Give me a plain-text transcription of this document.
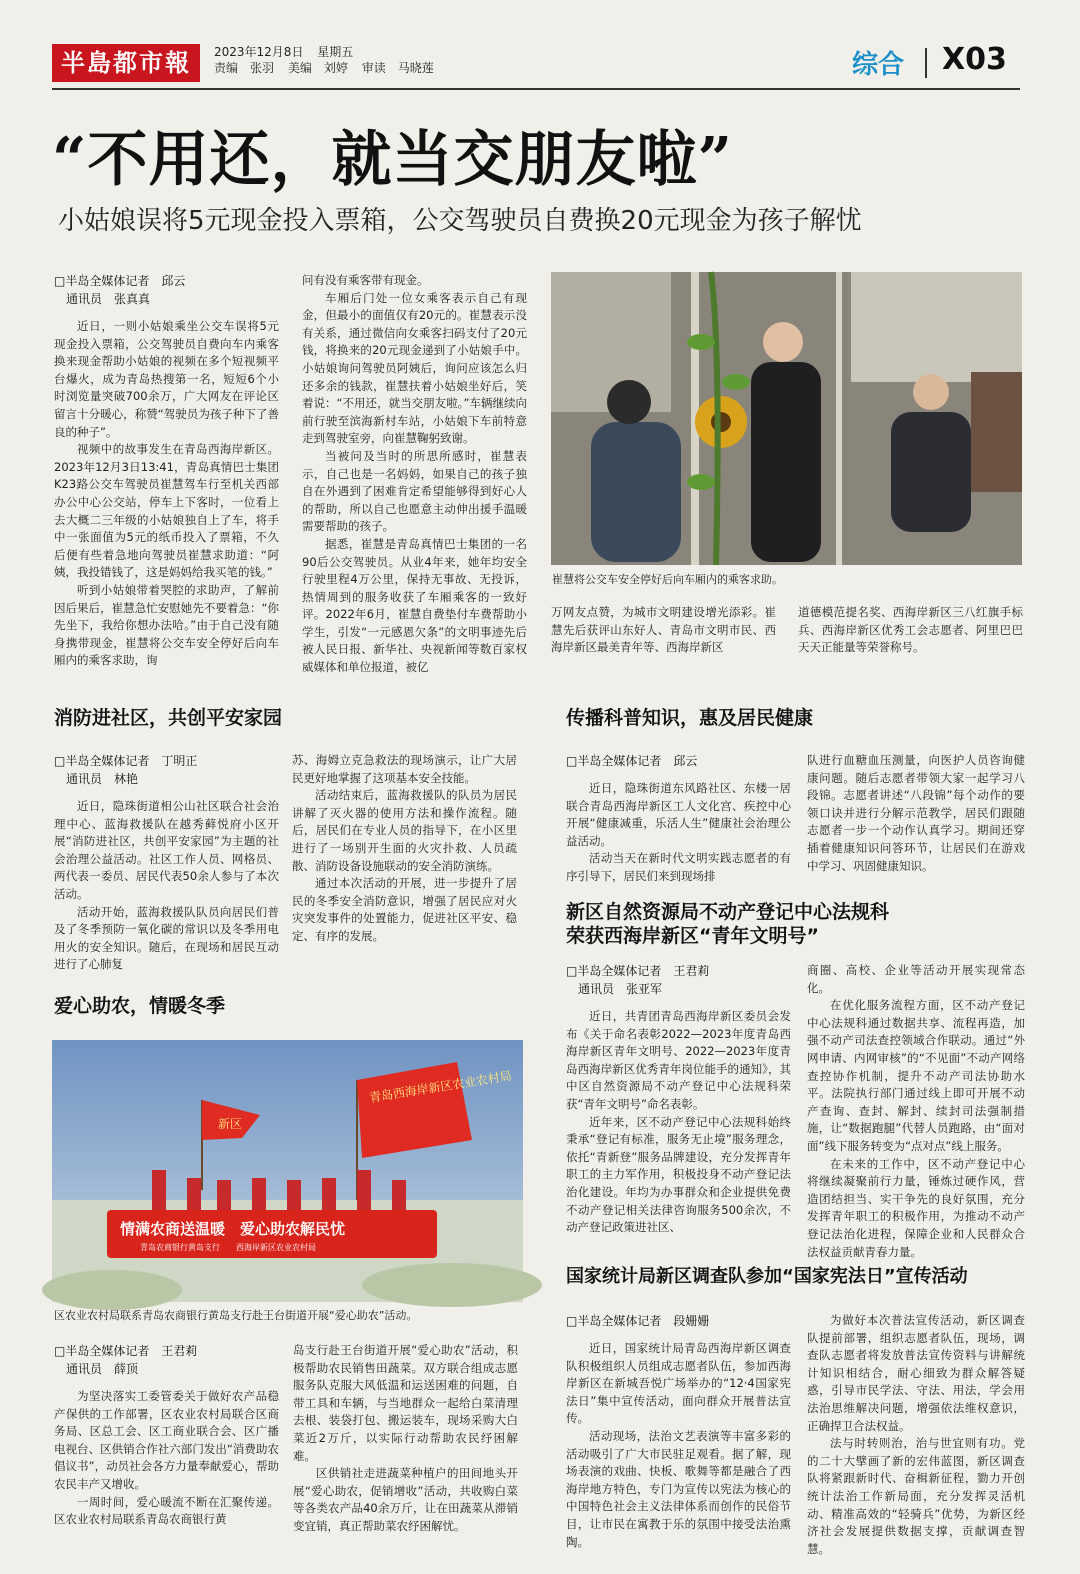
半島都市報	2023年12月8日 星期五
责编　张羽 美编　刘婷 审读　马晓莲	综合 X03
“不用还，就当交朋友啦”
小姑娘误将5元现金投入票箱，公交驾驶员自费换20元现金为孩子解忧
□半岛全媒体记者　邱云
通讯员　张真真

近日，一则小姑娘乘坐公交车误将5元现金投入票箱，公交驾驶员自费向车内乘客换来现金帮助小姑娘的视频在多个短视频平台爆火，成为青岛热搜第一名，短短6个小时浏览量突破700余万，广大网友在评论区留言十分暖心，称赞“驾驶员为孩子种下了善良的种子”。

视频中的故事发生在青岛西海岸新区。2023年12月3日13:41，青岛真情巴士集团K23路公交车驾驶员崔慧驾车行至机关西部办公中心公交站，停车上下客时，一位看上去大概二三年级的小姑娘独自上了车，将手中一张面值为5元的纸币投入了票箱，不久后便有些着急地向驾驶员崔慧求助道：“阿姨，我投错钱了，这是妈妈给我买笔的钱。”

听到小姑娘带着哭腔的求助声，了解前因后果后，崔慧急忙安慰她先不要着急：“你先坐下，我给你想办法哈。”由于自己没有随身携带现金，崔慧将公交车安全停好后向车厢内的乘客求助，询

问有没有乘客带有现金。

车厢后门处一位女乘客表示自己有现金，但最小的面值仅有20元的。崔慧表示没有关系，通过微信向女乘客扫码支付了20元钱，将换来的20元现金递到了小姑娘手中。小姑娘询问驾驶员阿姨后，询问应该怎么归还多余的钱款，崔慧扶着小姑娘坐好后，笑着说：“不用还，就当交朋友啦。”车辆继续向前行驶至滨海新村车站，小姑娘下车前特意走到驾驶室旁，向崔慧鞠躬致谢。

当被问及当时的所思所感时，崔慧表示，自己也是一名妈妈，如果自己的孩子独自在外遇到了困难肯定希望能够得到好心人的帮助，所以自己也愿意主动伸出援手温暖需要帮助的孩子。

据悉，崔慧是青岛真情巴士集团的一名90后公交驾驶员。从业4年来，她年均安全行驶里程4万公里，保持无事故、无投诉，热情周到的服务收获了车厢乘客的一致好评。2022年6月，崔慧自费垫付车费帮助小学生，引发“一元感恩欠条”的文明事迹先后被人民日报、新华社、央视新闻等数百家权威媒体和单位报道，被亿

崔慧将公交车安全停好后向车厢内的乘客求助。

万网友点赞，为城市文明建设增光添彩。崔慧先后获评山东好人、青岛市文明市民、西海岸新区最美青年等、西海岸新区

道德模范提名奖、西海岸新区三八红旗手标兵、西海岸新区优秀工会志愿者、阿里巴巴天天正能量等荣誉称号。

消防进社区，共创平安家园
□半岛全媒体记者　丁明正
通讯员　林艳

近日，隐珠街道相公山社区联合社会治理中心、蓝海救援队在越秀藓悦府小区开展“消防进社区，共创平安家园”为主题的社会治理公益活动。社区工作人员、网格员、两代表一委员、居民代表50余人参与了本次活动。

活动开始，蓝海救援队队员向居民们普及了冬季预防一氧化碳的常识以及冬季用电用火的安全知识。随后，在现场和居民互动进行了心肺复

苏、海姆立克急救法的现场演示，让广大居民更好地掌握了这项基本安全技能。

活动结束后，蓝海救援队的队员为居民讲解了灭火器的使用方法和操作流程。随后，居民们在专业人员的指导下，在小区里进行了一场别开生面的火灾扑救、人员疏散、消防设备设施联动的安全消防演练。

通过本次活动的开展，进一步提升了居民的冬季安全消防意识，增强了居民应对火灾突发事件的处置能力，促进社区平安、稳定、有序的发展。

爱心助农，情暖冬季
新区
青岛西海岸新区农业农村局
情满农商送温暖　爱心助农解民忧
青岛农商银行黄岛支行　　西海岸新区农业农村局
区农业农村局联系青岛农商银行黄岛支行赴王台街道开展“爱心助农”活动。
□半岛全媒体记者　王君莉
通讯员　薛顶

为坚决落实工委管委关于做好农产品稳产保供的工作部署，区农业农村局联合区商务局、区总工会、区工商业联合会、区广播电视台、区供销合作社六部门发出“消费助农倡议书”，动员社会各方力量奉献爱心，帮助农民丰产又增收。

一周时间，爱心暖流不断在汇聚传递。区农业农村局联系青岛农商银行黄

岛支行赴王台街道开展“爱心助农”活动，积极帮助农民销售田蔬菜。双方联合组成志愿服务队克服大风低温和运送困难的问题，自带工具和车辆，与当地群众一起给白菜清理去根、装袋打包、搬运装车，现场采购大白菜近2万斤，以实际行动帮助农民纾困解难。

区供销社走进蔬菜种植户的田间地头开展“爱心助农，促销增收”活动，共收购白菜等各类农产品40余万斤，让在田蔬菜从滞销变宜销，真正帮助菜农纾困解忧。

传播科普知识，惠及居民健康
□半岛全媒体记者　邱云

近日，隐珠街道东风路社区、东楼一居联合青岛西海岸新区工人文化宫、疾控中心开展“健康减重，乐活人生”健康社会治理公益活动。

活动当天在新时代文明实践志愿者的有序引导下，居民们来到现场排

队进行血糖血压测量，向医护人员咨询健康问题。随后志愿者带领大家一起学习八段锦。志愿者讲述“八段锦”每个动作的要领口诀并进行分解示范教学，居民们跟随志愿者一步一个动作认真学习。期间还穿插着健康知识问答环节，让居民们在游戏中学习、巩固健康知识。

新区自然资源局不动产登记中心法规科
荣获西海岸新区“青年文明号”
□半岛全媒体记者　王君莉
通讯员　张亚军

近日，共青团青岛西海岸新区委员会发布《关于命名表彰2022—2023年度青岛西海岸新区青年文明号、2022—2023年度青岛西海岸新区优秀青年岗位能手的通知》，其中区自然资源局不动产登记中心法规科荣获“青年文明号”命名表彰。

近年来，区不动产登记中心法规科始终秉承“登记有标准，服务无止境”服务理念，依托“青新登”服务品牌建设，充分发挥青年职工的主力军作用，积极投身不动产登记法治化建设。年均为办事群众和企业提供免费不动产登记相关法律咨询服务500余次，不动产登记政策进社区、

商圈、高校、企业等活动开展实现常态化。

在优化服务流程方面，区不动产登记中心法规科通过数据共享、流程再造，加强不动产司法查控领域合作联动。通过“外网申请、内网审核”的“不见面”不动产网络查控协作机制，提升不动产司法协助水平。法院执行部门通过线上即可开展不动产查询、查封、解封、续封司法强制措施，让“数据跑腿”代替人员跑路，由“面对面”线下服务转变为“点对点”线上服务。

在未来的工作中，区不动产登记中心将继续凝聚前行力量，锤炼过硬作风，营造团结担当、实干争先的良好氛围，充分发挥青年职工的积极作用，为推动不动产登记法治化进程，保障企业和人民群众合法权益贡献青春力量。

国家统计局新区调查队参加“国家宪法日”宣传活动
□半岛全媒体记者　段姗姗

近日，国家统计局青岛西海岸新区调查队积极组织人员组成志愿者队伍，参加西海岸新区在新城吾悦广场举办的“12·4国家宪法日”集中宣传活动，面向群众开展普法宣传。

活动现场，法治文艺表演等丰富多彩的活动吸引了广大市民驻足观看。据了解，现场表演的戏曲、快板、歌舞等都是融合了西海岸地方特色，专门为宣传以宪法为核心的中国特色社会主义法律体系而创作的民俗节目，让市民在寓教于乐的氛围中接受法治熏陶。

为做好本次普法宣传活动，新区调查队提前部署，组织志愿者队伍，现场，调查队志愿者将发放普法宣传资料与讲解统计知识相结合，耐心细致为群众解答疑惑，引导市民学法、守法、用法，学会用法治思维解决问题，增强依法维权意识，正确捍卫合法权益。

法与时转则治，治与世宜则有功。党的二十大擘画了新的宏伟蓝图，新区调查队将紧跟新时代、奋楫新征程，勠力开创统计法治工作新局面，充分发挥灵活机动、精准高效的“轻骑兵”优势，为新区经济社会发展提供数据支撑，贡献调查智慧。
